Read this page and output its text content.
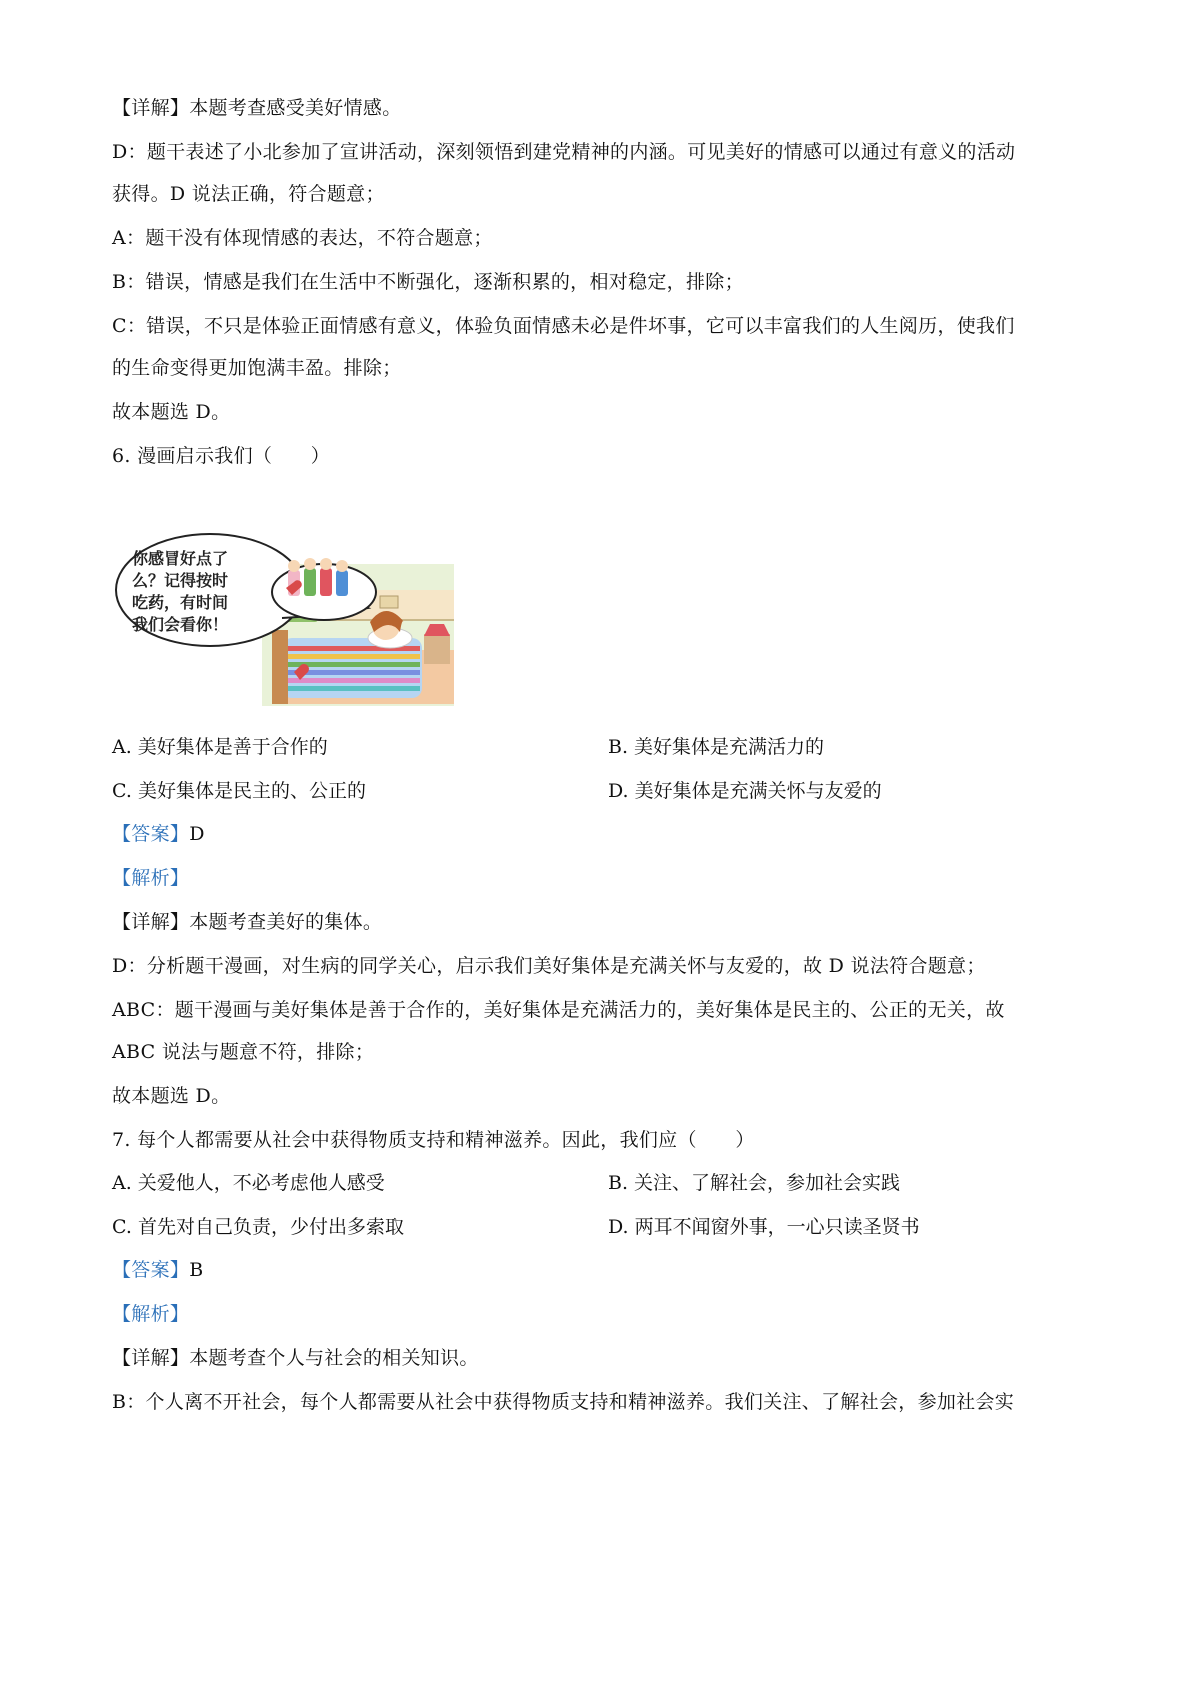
【详解】本题考查感受美好情感。
D：题干表述了小北参加了宣讲活动，深刻领悟到建党精神的内涵。可见美好的情感可以通过有意义的活动
获得。D 说法正确，符合题意；
A：题干没有体现情感的表达，不符合题意；
B：错误，情感是我们在生活中不断强化，逐渐积累的，相对稳定，排除；
C：错误，不只是体验正面情感有意义，体验负面情感未必是件坏事，它可以丰富我们的人生阅历，使我们
的生命变得更加饱满丰盈。排除；
故本题选 D。
6. 漫画启示我们（　　）
你感冒好点了
么？记得按时
吃药，有时间
我们会看你！
A. 美好集体是善于合作的	B. 美好集体是充满活力的
C. 美好集体是民主的、公正的	D. 美好集体是充满关怀与友爱的
【答案】D
【解析】
【详解】本题考查美好的集体。
D：分析题干漫画，对生病的同学关心，启示我们美好集体是充满关怀与友爱的，故 D 说法符合题意；
ABC：题干漫画与美好集体是善于合作的，美好集体是充满活力的，美好集体是民主的、公正的无关，故
ABC 说法与题意不符，排除；
故本题选 D。
7. 每个人都需要从社会中获得物质支持和精神滋养。因此，我们应（　　）
A. 关爱他人，不必考虑他人感受	B. 关注、了解社会，参加社会实践
C. 首先对自己负责，少付出多索取	D. 两耳不闻窗外事，一心只读圣贤书
【答案】B
【解析】
【详解】本题考查个人与社会的相关知识。
B：个人离不开社会，每个人都需要从社会中获得物质支持和精神滋养。我们关注、了解社会，参加社会实
